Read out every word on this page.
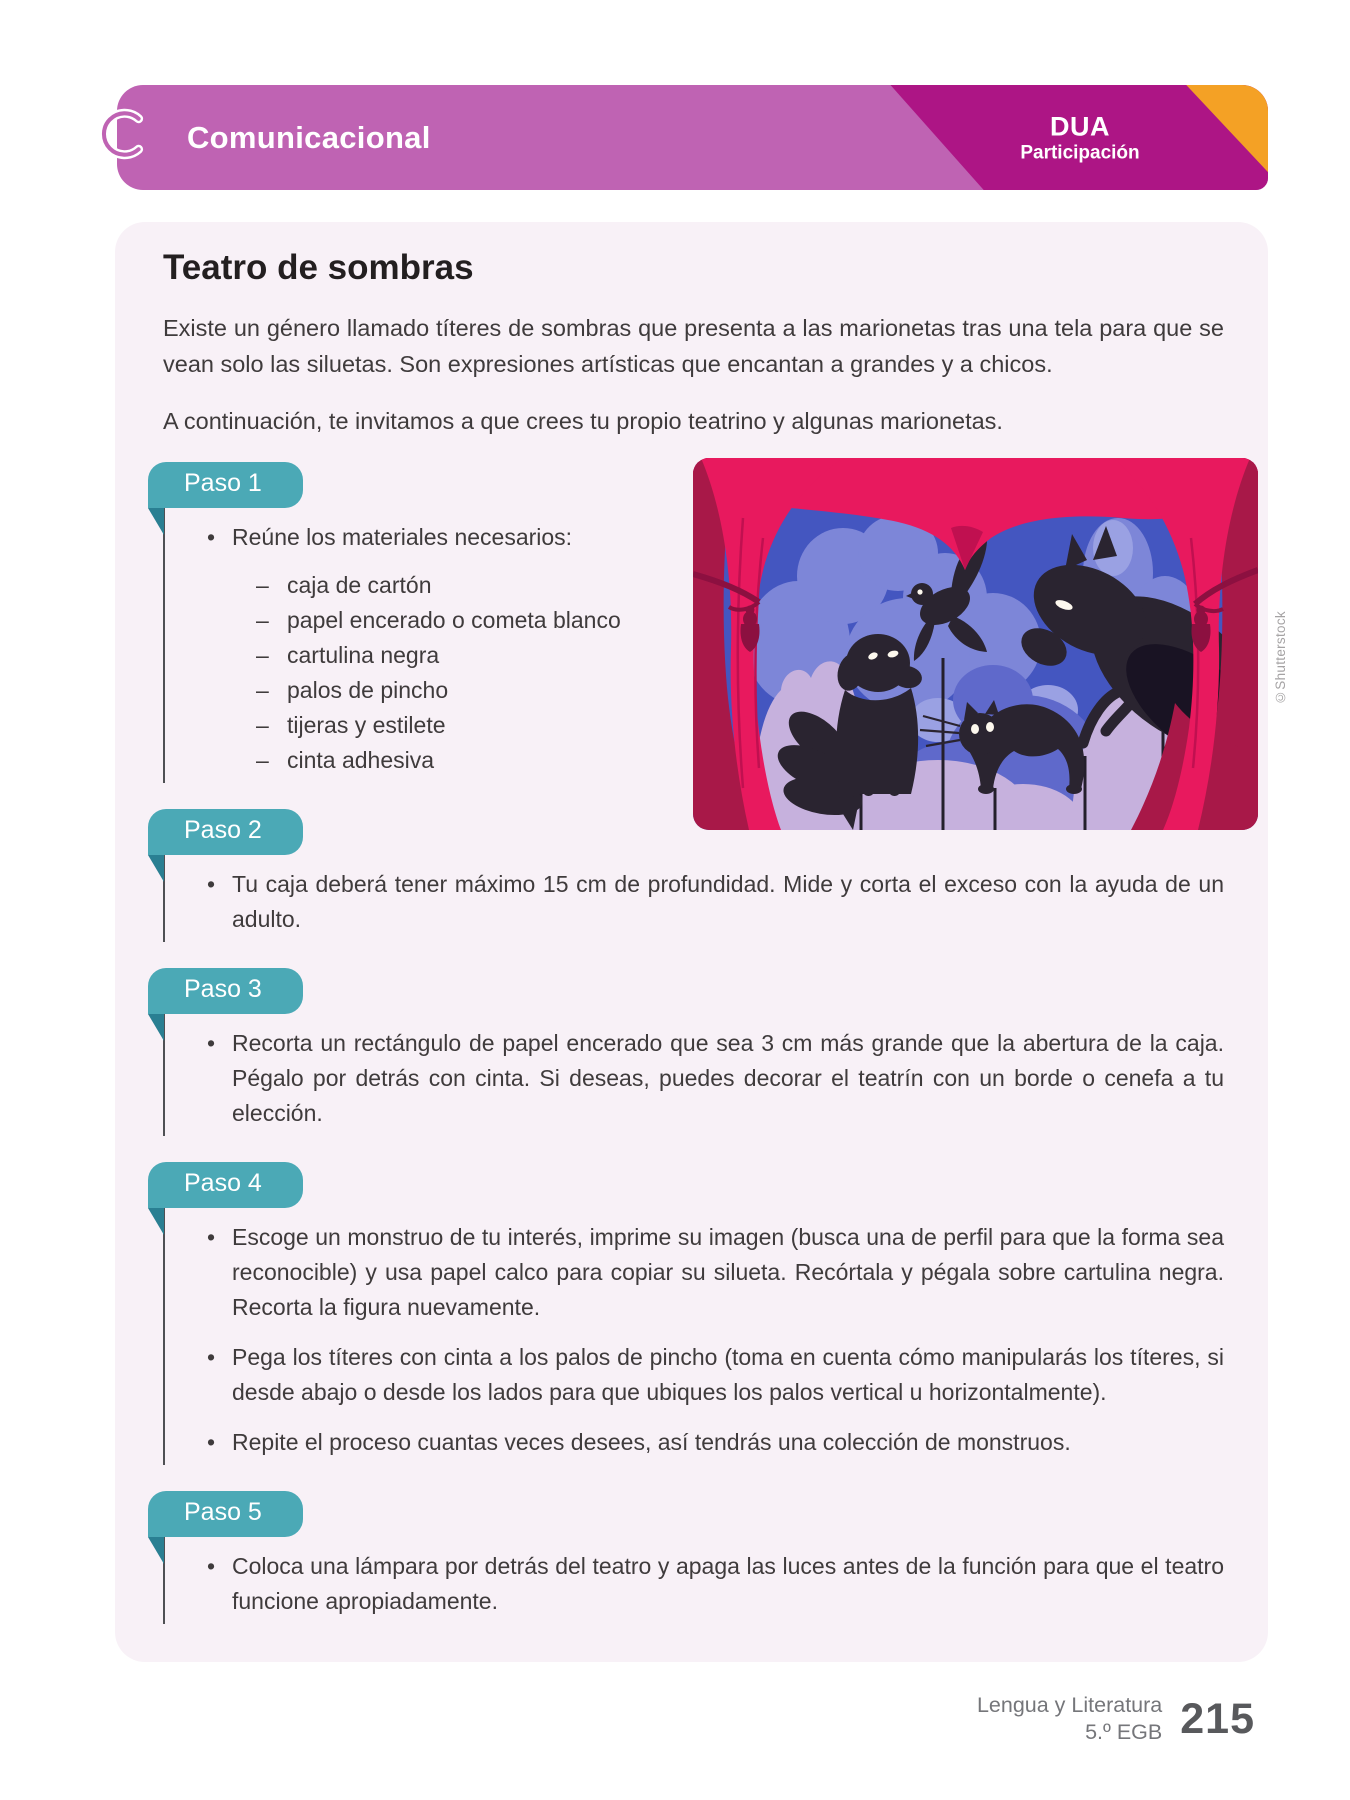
Comunicacional	DUA
Participación
Teatro de sombras

Existe un género llamado títeres de sombras que presenta a las marionetas tras una tela para que se vean solo las siluetas. Son expresiones artísticas que encantan a grandes y a chicos.

A continuación, te invitamos a que crees tu propio teatrino y algunas marionetas.

Paso 1
• Reúne los materiales necesarios:
– caja de cartón
– papel encerado o cometa blanco
– cartulina negra
– palos de pincho
– tijeras y estilete
– cinta adhesiva
Paso 2
• Tu caja deberá tener máximo 15 cm de profundidad. Mide y corta el exceso con la ayuda de un adulto.
Paso 3
• Recorta un rectángulo de papel encerado que sea 3 cm más grande que la abertura de la caja. Pégalo por detrás con cinta. Si deseas, puedes decorar el teatrín con un borde o cenefa a tu elección.
Paso 4
• Escoge un monstruo de tu interés, imprime su imagen (busca una de perfil para que la forma sea reconocible) y usa papel calco para copiar su silueta. Recórtala y pégala sobre cartulina negra. Recorta la figura nuevamente.
• Pega los títeres con cinta a los palos de pincho (toma en cuenta cómo manipularás los títeres, si desde abajo o desde los lados para que ubiques los palos vertical u horizontalmente).
• Repite el proceso cuantas veces desees, así tendrás una colección de monstruos.
Paso 5
• Coloca una lámpara por detrás del teatro y apaga las luces antes de la función para que el teatro funcione apropiadamente.
©Shutterstock
Lengua y Literatura
5.º EGB 215
